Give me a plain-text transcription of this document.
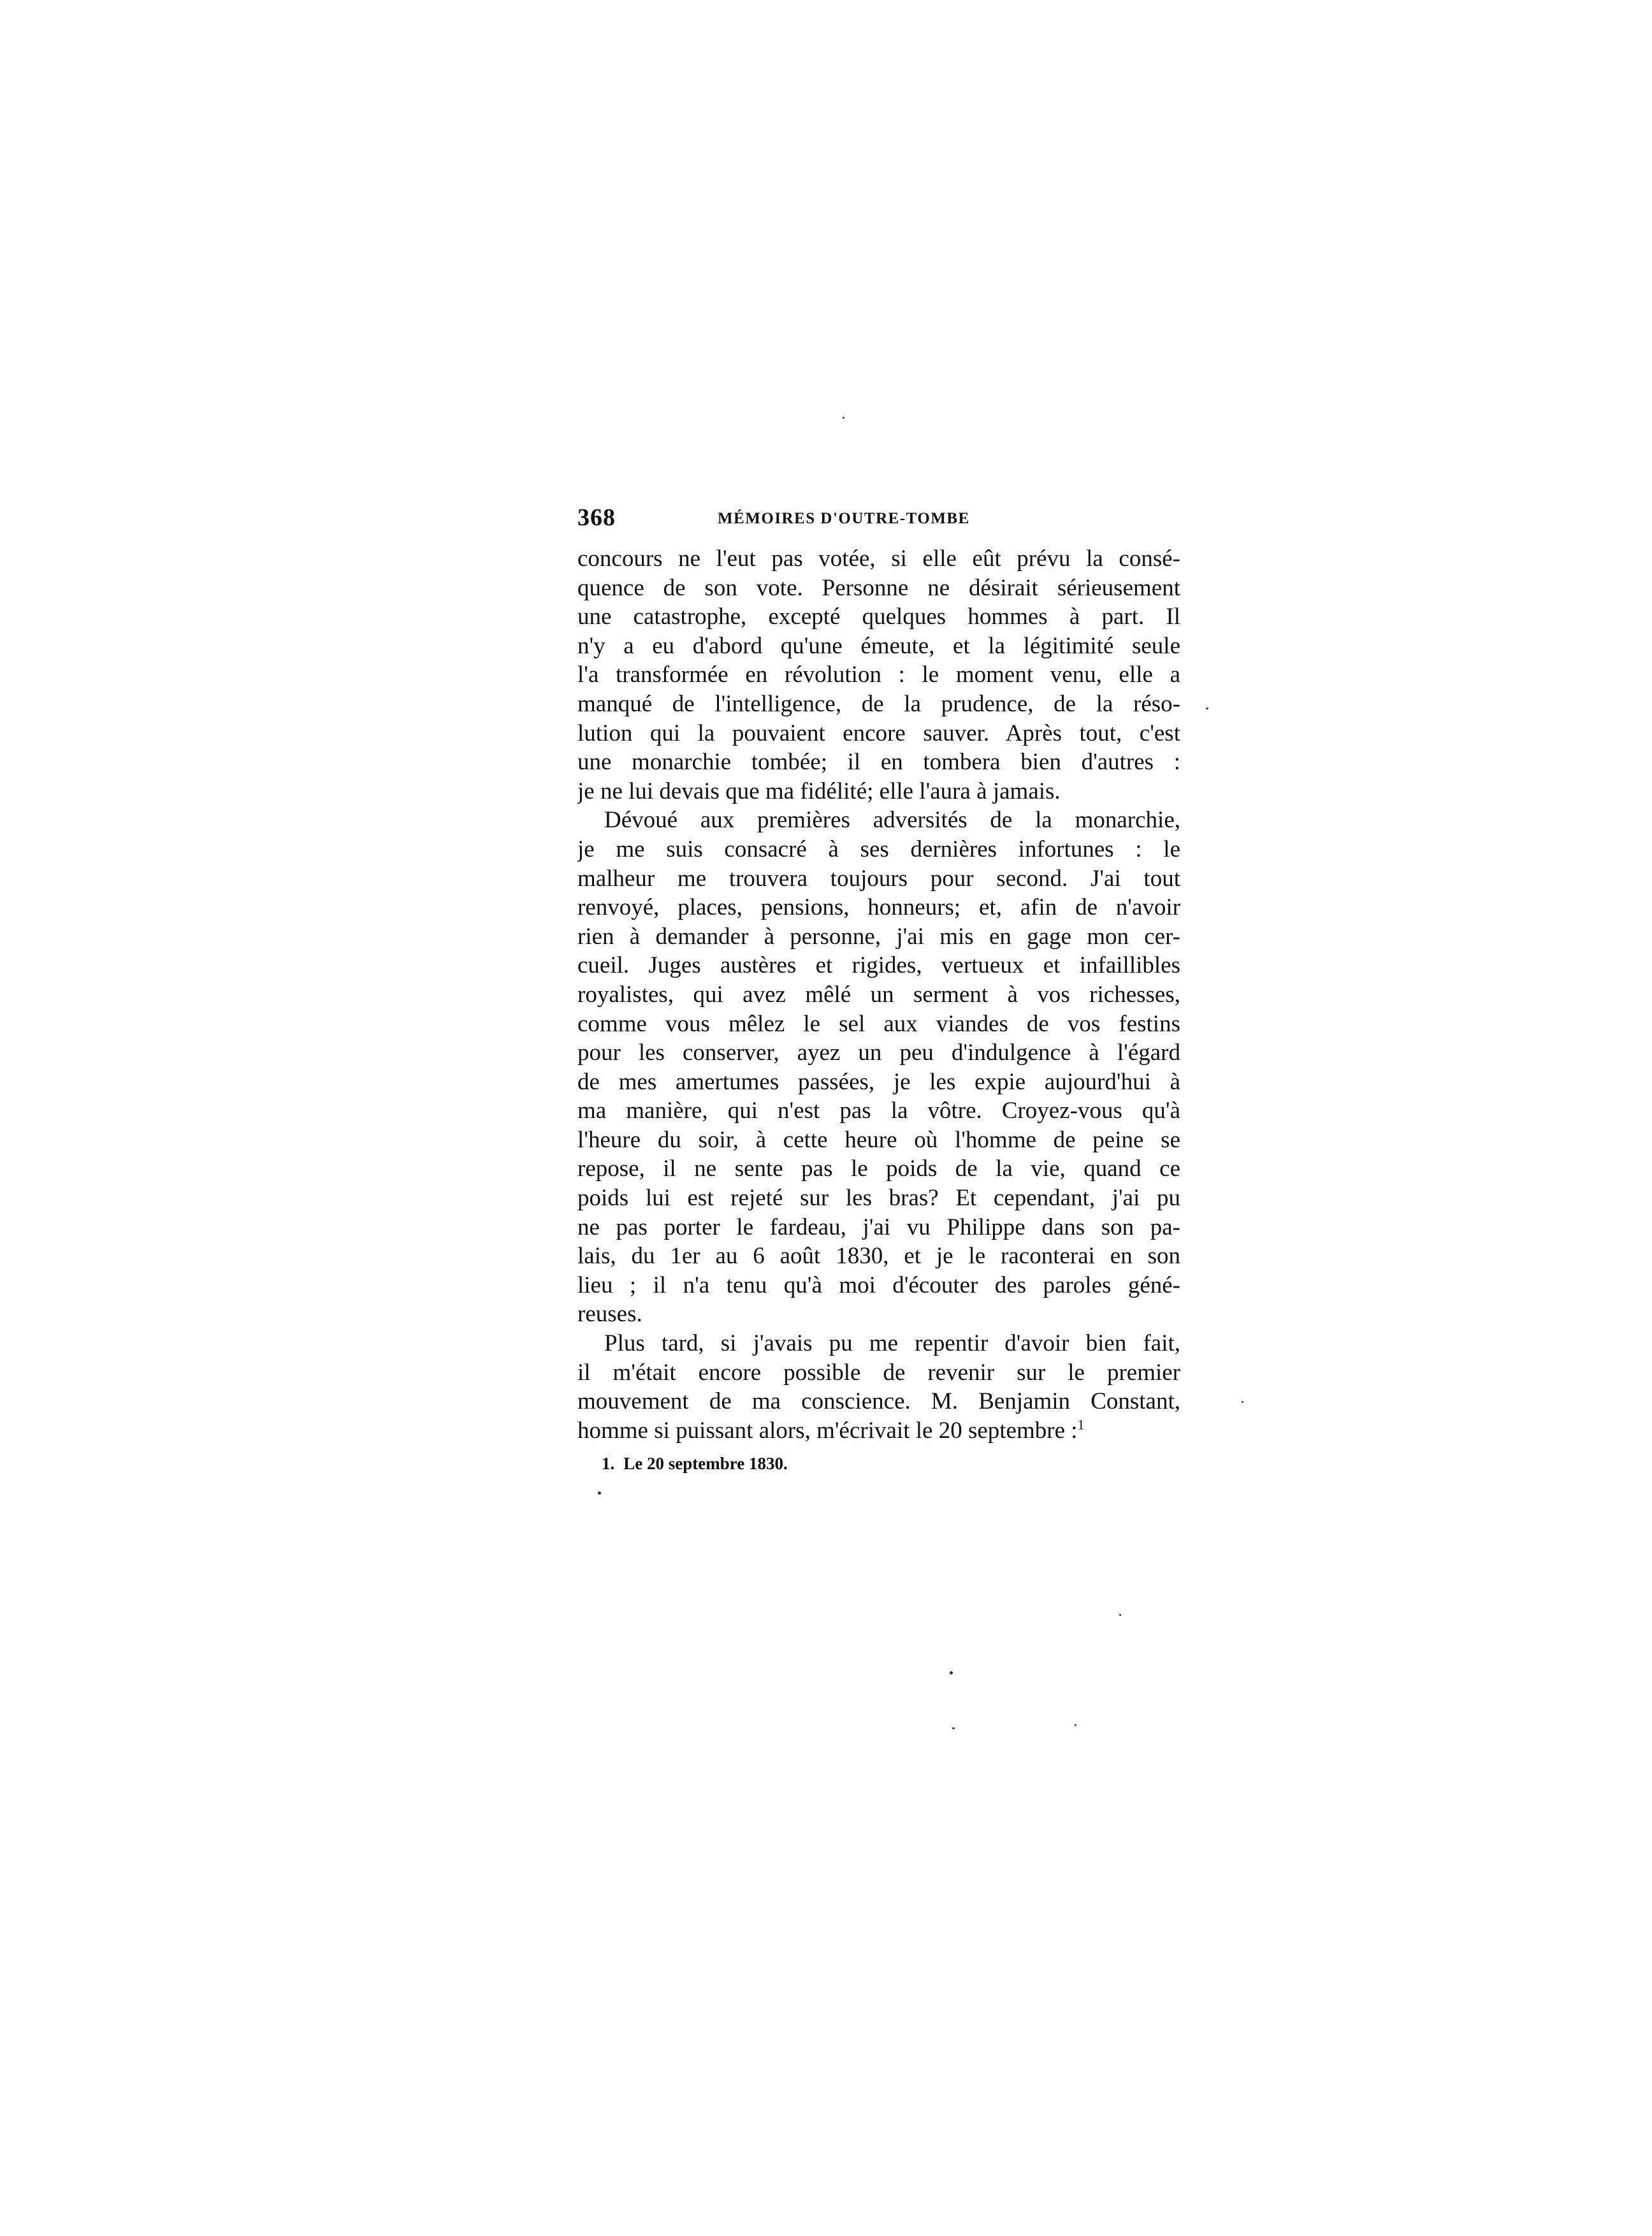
368	MÉMOIRES D'OUTRE-TOMBE
concours ne l'eut pas votée, si elle eût prévu la consé-
quence de son vote. Personne ne désirait sérieusement
une catastrophe, excepté quelques hommes à part. Il
n'y a eu d'abord qu'une émeute, et la légitimité seule
l'a transformée en révolution : le moment venu, elle a
manqué de l'intelligence, de la prudence, de la réso-
lution qui la pouvaient encore sauver. Après tout, c'est
une monarchie tombée; il en tombera bien d'autres :
je ne lui devais que ma fidélité; elle l'aura à jamais.
Dévoué aux premières adversités de la monarchie,
je me suis consacré à ses dernières infortunes : le
malheur me trouvera toujours pour second. J'ai tout
renvoyé, places, pensions, honneurs; et, afin de n'avoir
rien à demander à personne, j'ai mis en gage mon cer-
cueil. Juges austères et rigides, vertueux et infaillibles
royalistes, qui avez mêlé un serment à vos richesses,
comme vous mêlez le sel aux viandes de vos festins
pour les conserver, ayez un peu d'indulgence à l'égard
de mes amertumes passées, je les expie aujourd'hui à
ma manière, qui n'est pas la vôtre. Croyez-vous qu'à
l'heure du soir, à cette heure où l'homme de peine se
repose, il ne sente pas le poids de la vie, quand ce
poids lui est rejeté sur les bras? Et cependant, j'ai pu
ne pas porter le fardeau, j'ai vu Philippe dans son pa-
lais, du 1er au 6 août 1830, et je le raconterai en son
lieu ; il n'a tenu qu'à moi d'écouter des paroles géné-
reuses.
Plus tard, si j'avais pu me repentir d'avoir bien fait,
il m'était encore possible de revenir sur le premier
mouvement de ma conscience. M. Benjamin Constant,
homme si puissant alors, m'écrivait le 20 septembre :$^1$
1. Le 20 septembre 1830.
